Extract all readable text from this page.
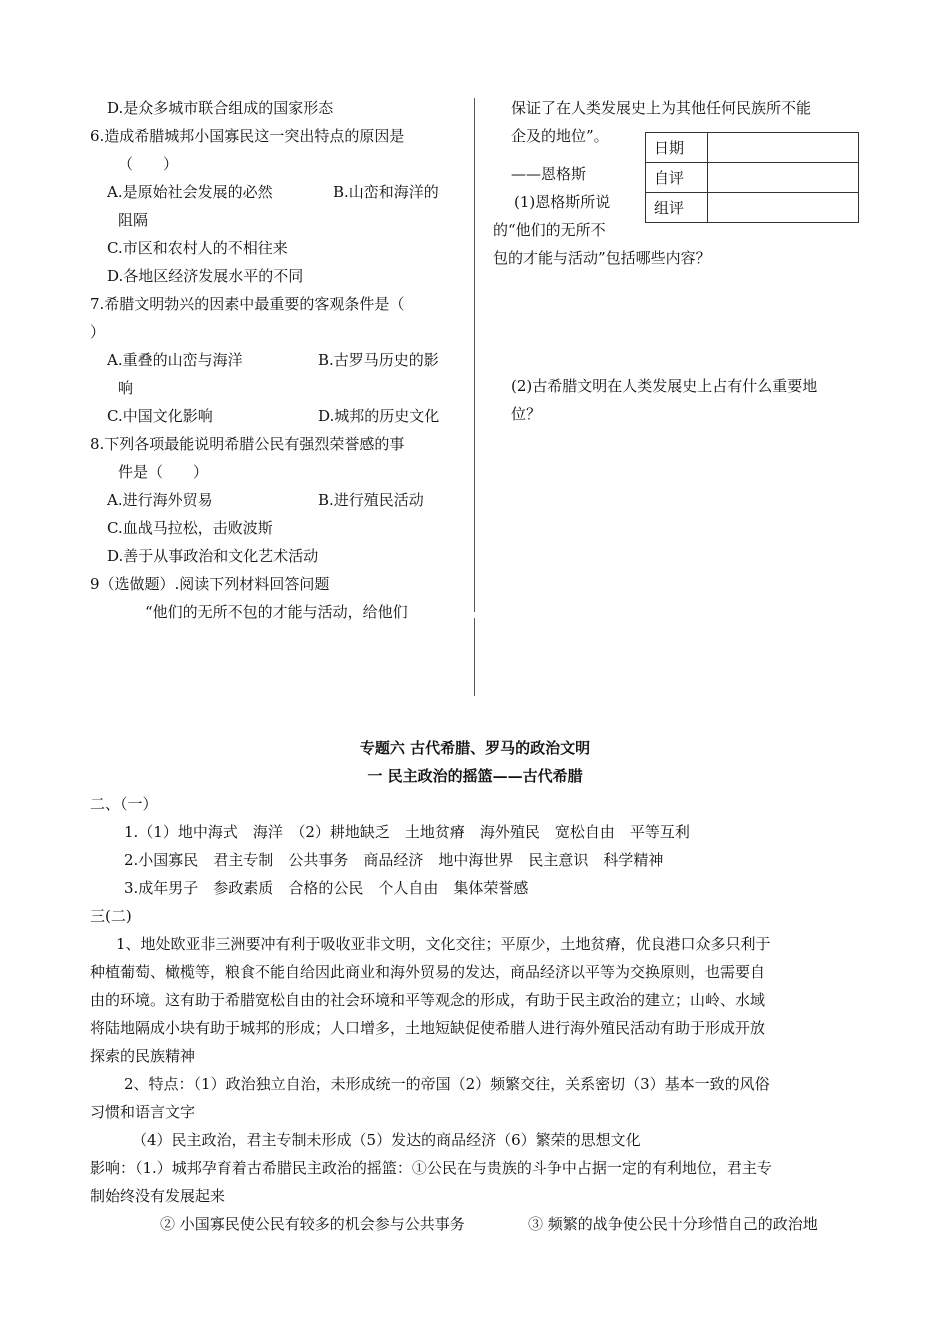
D.是众多城市联合组成的国家形态
6.造成希腊城邦小国寡民这一突出特点的原因是
（　　）
A.是原始社会发展的必然	B.山峦和海洋的
阻隔
C.市区和农村人的不相往来
D.各地区经济发展水平的不同
7.希腊文明勃兴的因素中最重要的客观条件是（
）
A.重叠的山峦与海洋	B.古罗马历史的影
响
C.中国文化影响	D.城邦的历史文化
8.下列各项最能说明希腊公民有强烈荣誉感的事
件是（　　）
A.进行海外贸易	B.进行殖民活动
C.血战马拉松，击败波斯
D.善于从事政治和文化艺术活动
9（选做题）.阅读下列材料回答问题
“他们的无所不包的才能与活动，给他们
保证了在人类发展史上为其他任何民族所不能
企及的地位”。
——恩格斯
(1)恩格斯所说
的“他们的无所不
包的才能与活动”包括哪些内容？
(2)古希腊文明在人类发展史上占有什么重要地
位？
日期	
自评	
组评	
专题六 古代希腊、罗马的政治文明
一 民主政治的摇篮——古代希腊
二、（一）
1.（1）地中海式　海洋　（2）耕地缺乏　土地贫瘠　海外殖民　宽松自由　平等互利
2.小国寡民　君主专制　公共事务　商品经济　地中海世界　民主意识　科学精神
3.成年男子　参政素质　合格的公民　个人自由　集体荣誉感
三(二)
1、地处欧亚非三洲要冲有利于吸收亚非文明，文化交往；平原少，土地贫瘠，优良港口众多只利于
种植葡萄、橄榄等，粮食不能自给因此商业和海外贸易的发达，商品经济以平等为交换原则，也需要自
由的环境。这有助于希腊宽松自由的社会环境和平等观念的形成，有助于民主政治的建立；山岭、水域
将陆地隔成小块有助于城邦的形成；人口增多，土地短缺促使希腊人进行海外殖民活动有助于形成开放
探索的民族精神
2、特点：（1）政治独立自治，未形成统一的帝国（2）频繁交往，关系密切（3）基本一致的风俗
习惯和语言文字
（4）民主政治，君主专制未形成（5）发达的商品经济（6）繁荣的思想文化
影响：（1.）城邦孕育着古希腊民主政治的摇篮：①公民在与贵族的斗争中占据一定的有利地位，君主专
制始终没有发展起来
② 小国寡民使公民有较多的机会参与公共事务	③ 频繁的战争使公民十分珍惜自己的政治地
